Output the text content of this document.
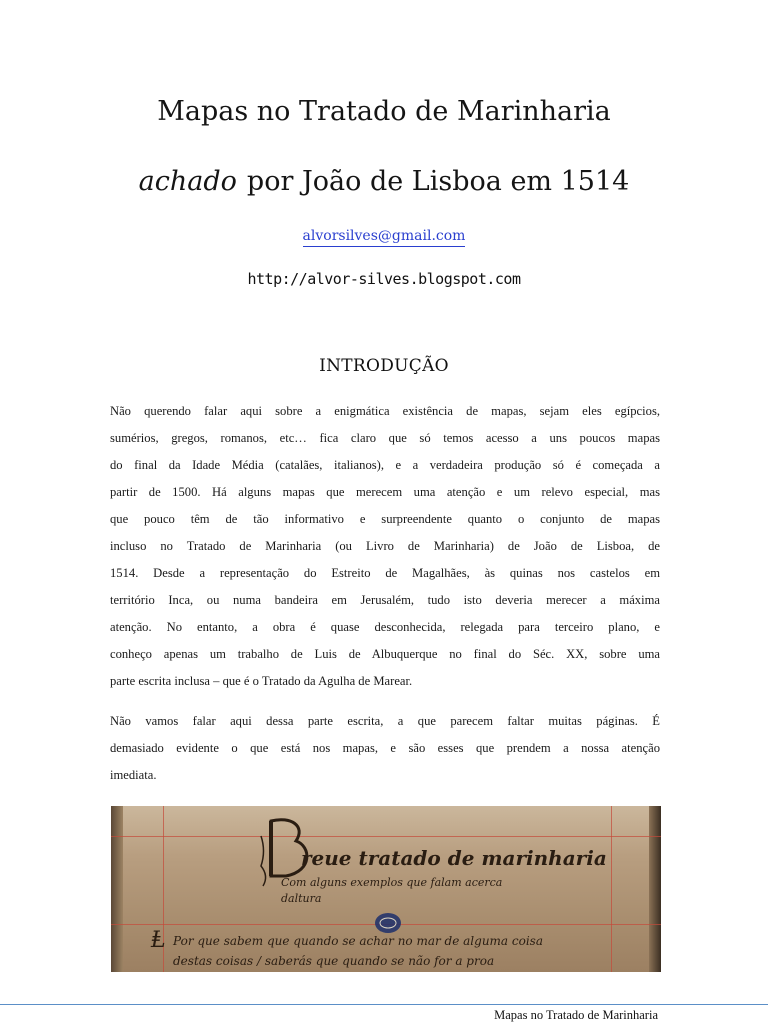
Mapas no Tratado de Marinharia
achado por João de Lisboa em 1514
alvorsilves@gmail.com
http://alvor-silves.blogspot.com
INTRODUÇÃO
Não querendo falar aqui sobre a enigmática existência de mapas, sejam eles egípcios,
sumérios, gregos, romanos, etc… fica claro que só temos acesso a uns poucos mapas
do final da Idade Média (catalães, italianos), e a verdadeira produção só é começada a
partir de 1500. Há alguns mapas que merecem uma atenção e um relevo especial, mas
que pouco têm de tão informativo e surpreendente quanto o conjunto de mapas
incluso no Tratado de Marinharia (ou Livro de Marinharia) de João de Lisboa, de
1514. Desde a representação do Estreito de Magalhães, às quinas nos castelos em
território Inca, ou numa bandeira em Jerusalém, tudo isto deveria merecer a máxima
atenção. No entanto, a obra é quase desconhecida, relegada para terceiro plano, e
conheço apenas um trabalho de Luis de Albuquerque no final do Séc. XX, sobre uma
parte escrita inclusa – que é o Tratado da Agulha de Marear.
Não vamos falar aqui dessa parte escrita, a que parecem faltar muitas páginas. É
demasiado evidente o que está nos mapas, e são esses que prendem a nossa atenção
imediata.
reue tratado de marinharia
Com alguns exemplos que falam acerca
daltura
Ⱡ Por que sabem que quando se achar no mar de alguma coisa
destas coisas / saberás que quando se não for a proa
Mapas no Tratado de Marinharia
